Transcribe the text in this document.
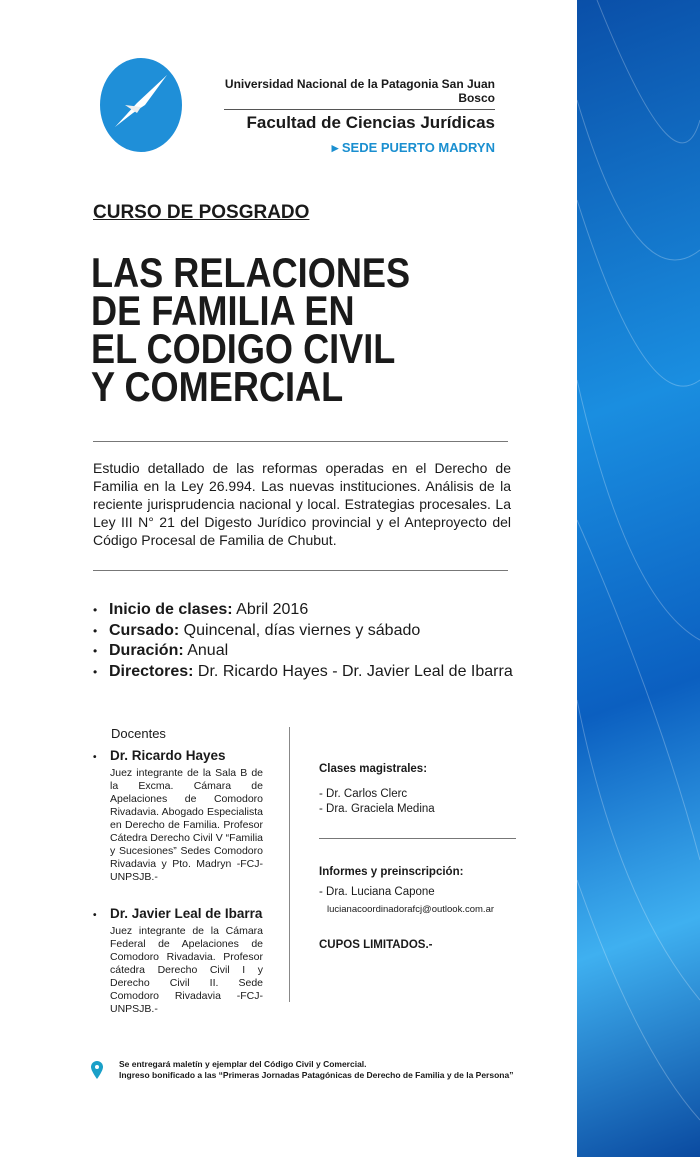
Universidad Nacional de la Patagonia San Juan Bosco
Facultad de Ciencias Jurídicas
▸ SEDE PUERTO MADRYN
CURSO DE POSGRADO
LAS RELACIONES
DE FAMILIA EN
EL CODIGO CIVIL
Y COMERCIAL
Estudio detallado de las reformas operadas en el Derecho de Familia en la Ley 26.994. Las nuevas instituciones. Análisis de la reciente jurisprudencia nacional y local. Estrategias procesales. La Ley III N° 21 del Digesto Jurídico provincial y el Anteproyecto del Código Procesal de Familia de Chubut.
• Inicio de clases: Abril 2016
• Cursado: Quincenal, días viernes y sábado
• Duración: Anual
• Directores: Dr. Ricardo Hayes - Dr. Javier Leal de Ibarra
Docentes
• Dr. Ricardo Hayes

Juez integrante de la Sala B de la Excma. Cámara de Apelaciones de Comodoro Rivadavia. Abogado Especialista en Derecho de Familia. Profesor Cátedra Derecho Civil V “Familia y Sucesiones” Sedes Comodoro Rivadavia y Pto. Madryn -FCJ-UNPSJB.-

• Dr. Javier Leal de Ibarra

Juez integrante de la Cámara Federal de Apelaciones de Comodoro Rivadavia. Profesor cátedra Derecho Civil I y Derecho Civil II. Sede Comodoro Rivadavia -FCJ- UNPSJB.-

Clases magistrales:
- Dr. Carlos Clerc
- Dra. Graciela Medina
Informes y preinscripción:
- Dra. Luciana Capone
lucianacoordinadorafcj@outlook.com.ar
CUPOS LIMITADOS.-
Se entregará maletín y ejemplar del Código Civil y Comercial.
Ingreso bonificado a las “Primeras Jornadas Patagónicas de Derecho de Familia y de la Persona”
